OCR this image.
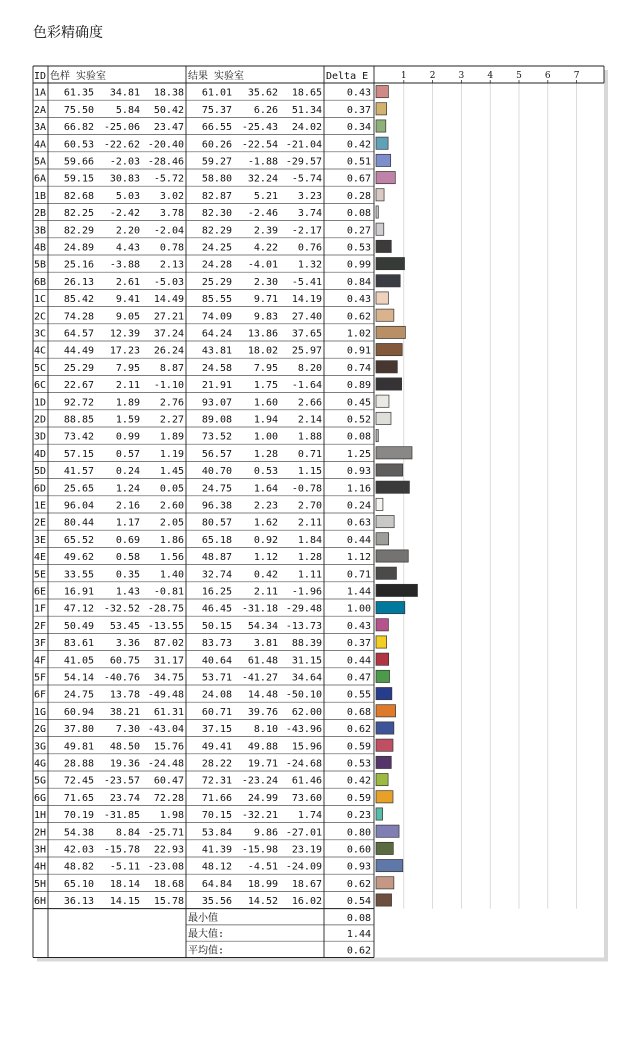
色彩精确度
ID 色样 实验室	结果 实验室	Delta E	1	2	3	4	5	6	7
1A 61.35 34.81 18.38 61.01 35.62 18.65 0.43
2A 75.50 5.84 50.42 75.37 6.26 51.34 0.37
3A 66.82 -25.06 23.47 66.55 -25.43 24.02 0.34
4A 60.53 -22.62 -20.40 60.26 -22.54 -21.04 0.42
5A 59.66 -2.03 -28.46 59.27 -1.88 -29.57 0.51
6A 59.15 30.83 -5.72 58.80 32.24 -5.74 0.67
1B 82.68 5.03 3.02 82.87 5.21 3.23 0.28
2B 82.25 -2.42 3.78 82.30 -2.46 3.74 0.08
3B 82.29 2.20 -2.04 82.29 2.39 -2.17 0.27
4B 24.89 4.43 0.78 24.25 4.22 0.76 0.53
5B 25.16 -3.88 2.13 24.28 -4.01 1.32 0.99
6B 26.13 2.61 -5.03 25.29 2.30 -5.41 0.84
1C 85.42 9.41 14.49 85.55 9.71 14.19 0.43
2C 74.28 9.05 27.21 74.09 9.83 27.40 0.62
3C 64.57 12.39 37.24 64.24 13.86 37.65 1.02
4C 44.49 17.23 26.24 43.81 18.02 25.97 0.91
5C 25.29 7.95 8.87 24.58 7.95 8.20 0.74
6C 22.67 2.11 -1.10 21.91 1.75 -1.64 0.89
1D 92.72 1.89 2.76 93.07 1.60 2.66 0.45
2D 88.85 1.59 2.27 89.08 1.94 2.14 0.52
3D 73.42 0.99 1.89 73.52 1.00 1.88 0.08
4D 57.15 0.57 1.19 56.57 1.28 0.71 1.25
5D 41.57 0.24 1.45 40.70 0.53 1.15 0.93
6D 25.65 1.24 0.05 24.75 1.64 -0.78 1.16
1E 96.04 2.16 2.60 96.38 2.23 2.70 0.24
2E 80.44 1.17 2.05 80.57 1.62 2.11 0.63
3E 65.52 0.69 1.86 65.18 0.92 1.84 0.44
4E 49.62 0.58 1.56 48.87 1.12 1.28 1.12
5E 33.55 0.35 1.40 32.74 0.42 1.11 0.71
6E 16.91 1.43 -0.81 16.25 2.11 -1.96 1.44
1F 47.12 -32.52 -28.75 46.45 -31.18 -29.48 1.00
2F 50.49 53.45 -13.55 50.15 54.34 -13.73 0.43
3F 83.61 3.36 87.02 83.73 3.81 88.39 0.37
4F 41.05 60.75 31.17 40.64 61.48 31.15 0.44
5F 54.14 -40.76 34.75 53.71 -41.27 34.64 0.47
6F 24.75 13.78 -49.48 24.08 14.48 -50.10 0.55
1G 60.94 38.21 61.31 60.71 39.76 62.00 0.68
2G 37.80 7.30 -43.04 37.15 8.10 -43.96 0.62
3G 49.81 48.50 15.76 49.41 49.88 15.96 0.59
4G 28.88 19.36 -24.48 28.22 19.71 -24.68 0.53
5G 72.45 -23.57 60.47 72.31 -23.24 61.46 0.42
6G 71.65 23.74 72.28 71.66 24.99 73.60 0.59
1H 70.19 -31.85 1.98 70.15 -32.21 1.74 0.23
2H 54.38 8.84 -25.71 53.84 9.86 -27.01 0.80
3H 42.03 -15.78 22.93 41.39 -15.98 23.19 0.60
4H 48.82 -5.11 -23.08 48.12 -4.51 -24.09 0.93
5H 65.10 18.14 18.68 64.84 18.99 18.67 0.62
6H 36.13 14.15 15.78 35.56 14.52 16.02 0.54
最小值	0.08
最大值:	1.44
平均值:	0.62
